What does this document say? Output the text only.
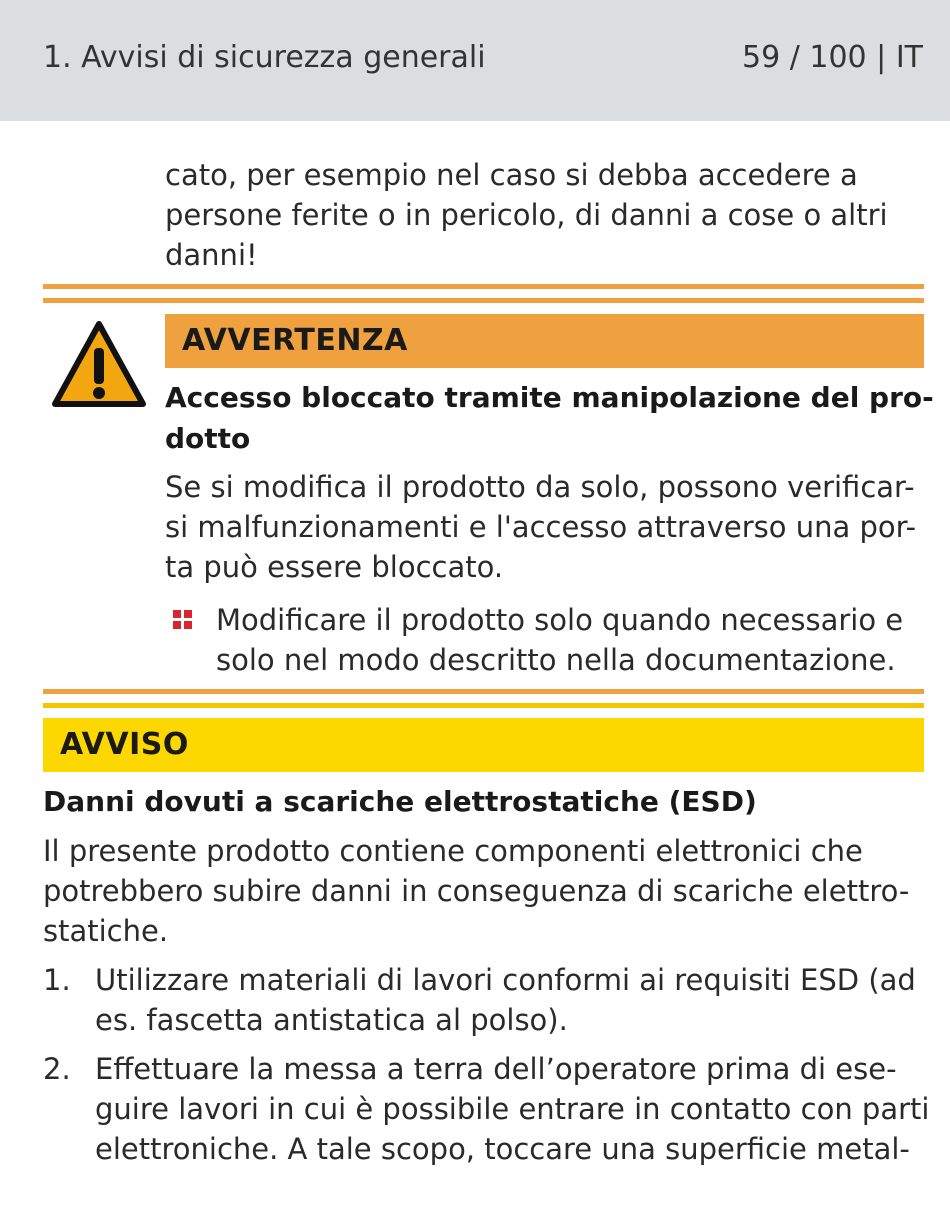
1. Avvisi di sicurezza generali	59 / 100 | IT
cato, per esempio nel caso si debba accedere a
persone ferite o in pericolo, di danni a cose o altri
danni!
AVVERTENZA
Accesso bloccato tramite manipolazione del pro-
dotto
Se si modifica il prodotto da solo, possono verificar-
si malfunzionamenti e l'accesso attraverso una por-
ta può essere bloccato.
Modificare il prodotto solo quando necessario e
solo nel modo descritto nella documentazione.
AVVISO
Danni dovuti a scariche elettrostatiche (ESD)
Il presente prodotto contiene componenti elettronici che
potrebbero subire danni in conseguenza di scariche elettro-
statiche.
1. Utilizzare materiali di lavori conformi ai requisiti ESD (ad
es. fascetta antistatica al polso).
2. Effettuare la messa a terra dell’operatore prima di ese-
guire lavori in cui è possibile entrare in contatto con parti
elettroniche. A tale scopo, toccare una superficie metal-
